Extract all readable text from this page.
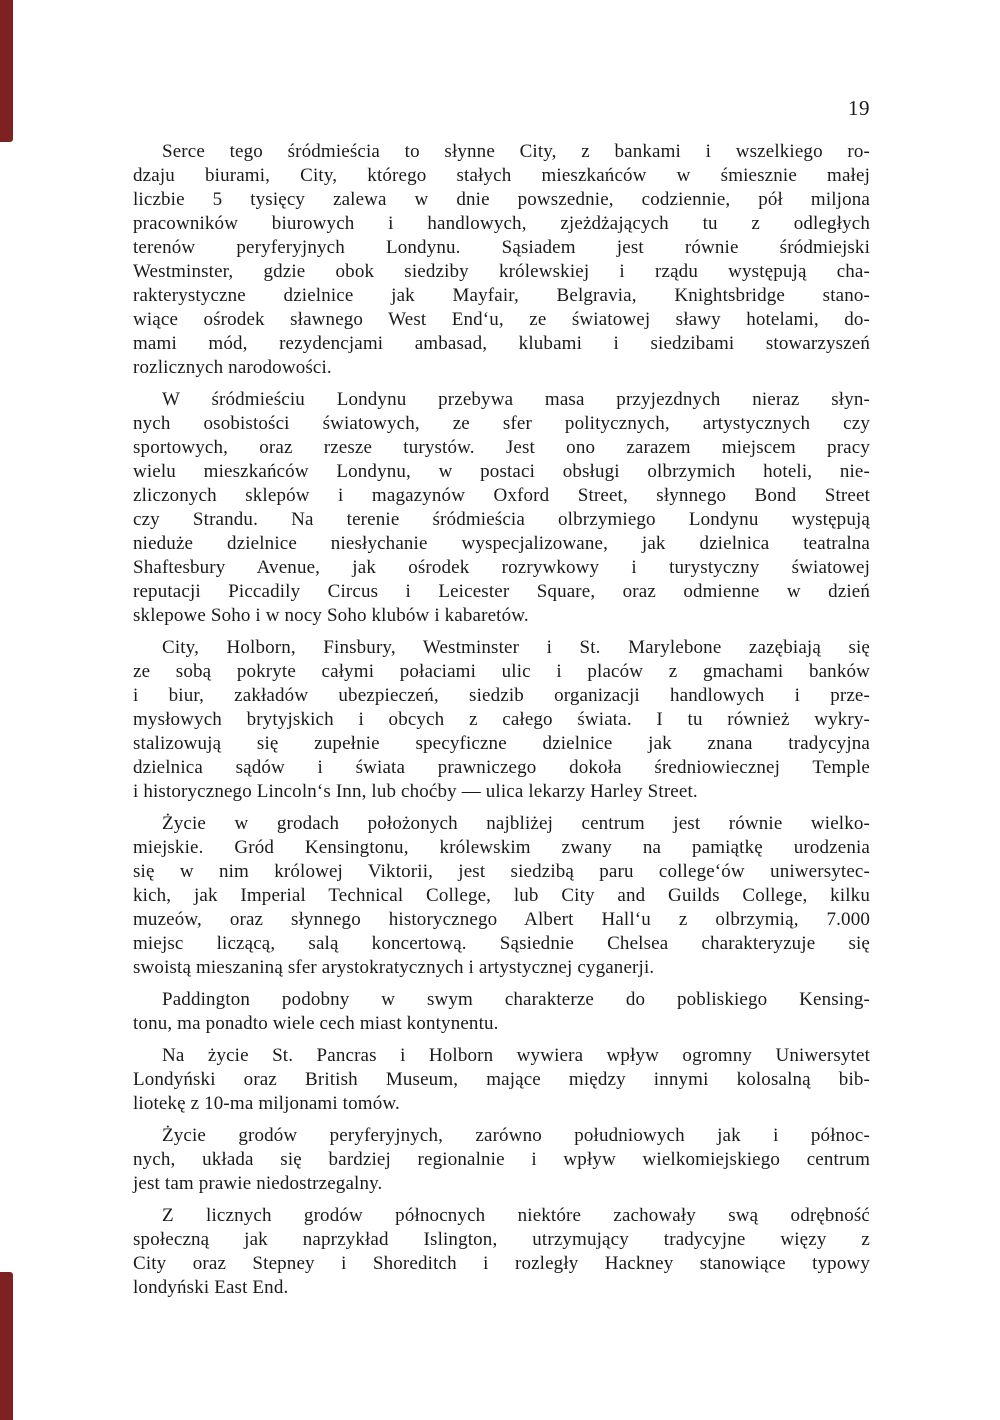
19

Serce tego śródmieścia to słynne City, z bankami i wszelkiego ro-
dzaju biurami, City, którego stałych mieszkańców w śmiesznie małej
liczbie 5 tysięcy zalewa w dnie powszednie, codziennie, pół miljona
pracowników biurowych i handlowych, zjeżdżających tu z odległych
terenów peryferyjnych Londynu. Sąsiadem jest równie śródmiejski
Westminster, gdzie obok siedziby królewskiej i rządu występują cha-
rakterystyczne dzielnice jak Mayfair, Belgravia, Knightsbridge stano-
wiące ośrodek sławnego West End‘u, ze światowej sławy hotelami, do-
mami mód, rezydencjami ambasad, klubami i siedzibami stowarzyszeń
rozlicznych narodowości.

W śródmieściu Londynu przebywa masa przyjezdnych nieraz słyn-
nych osobistości światowych, ze sfer politycznych, artystycznych czy
sportowych, oraz rzesze turystów. Jest ono zarazem miejscem pracy
wielu mieszkańców Londynu, w postaci obsługi olbrzymich hoteli, nie-
zliczonych sklepów i magazynów Oxford Street, słynnego Bond Street
czy Strandu. Na terenie śródmieścia olbrzymiego Londynu występują
nieduże dzielnice niesłychanie wyspecjalizowane, jak dzielnica teatralna
Shaftesbury Avenue, jak ośrodek rozrywkowy i turystyczny światowej
reputacji Piccadily Circus i Leicester Square, oraz odmienne w dzień
sklepowe Soho i w nocy Soho klubów i kabaretów.

City, Holborn, Finsbury, Westminster i St. Marylebone zazębiają się
ze sobą pokryte całymi połaciami ulic i placów z gmachami banków
i biur, zakładów ubezpieczeń, siedzib organizacji handlowych i prze-
mysłowych brytyjskich i obcych z całego świata. I tu również wykry-
stalizowują się zupełnie specyficzne dzielnice jak znana tradycyjna
dzielnica sądów i świata prawniczego dokoła średniowiecznej Temple
i historycznego Lincoln‘s Inn, lub choćby — ulica lekarzy Harley Street.

Życie w grodach położonych najbliżej centrum jest równie wielko-
miejskie. Gród Kensingtonu, królewskim zwany na pamiątkę urodzenia
się w nim królowej Viktorii, jest siedzibą paru college‘ów uniwersytec-
kich, jak Imperial Technical College, lub City and Guilds College, kilku
muzeów, oraz słynnego historycznego Albert Hall‘u z olbrzymią, 7.000
miejsc liczącą, salą koncertową. Sąsiednie Chelsea charakteryzuje się
swoistą mieszaniną sfer arystokratycznych i artystycznej cyganerji.

Paddington podobny w swym charakterze do pobliskiego Kensing-
tonu, ma ponadto wiele cech miast kontynentu.

Na życie St. Pancras i Holborn wywiera wpływ ogromny Uniwersytet
Londyński oraz British Museum, mające między innymi kolosalną bib-
liotekę z 10-ma miljonami tomów.

Życie grodów peryferyjnych, zarówno południowych jak i północ-
nych, układa się bardziej regionalnie i wpływ wielkomiejskiego centrum
jest tam prawie niedostrzegalny.

Z licznych grodów północnych niektóre zachowały swą odrębność
społeczną jak naprzykład Islington, utrzymujący tradycyjne więzy z
City oraz Stepney i Shoreditch i rozległy Hackney stanowiące typowy
londyński East End.
